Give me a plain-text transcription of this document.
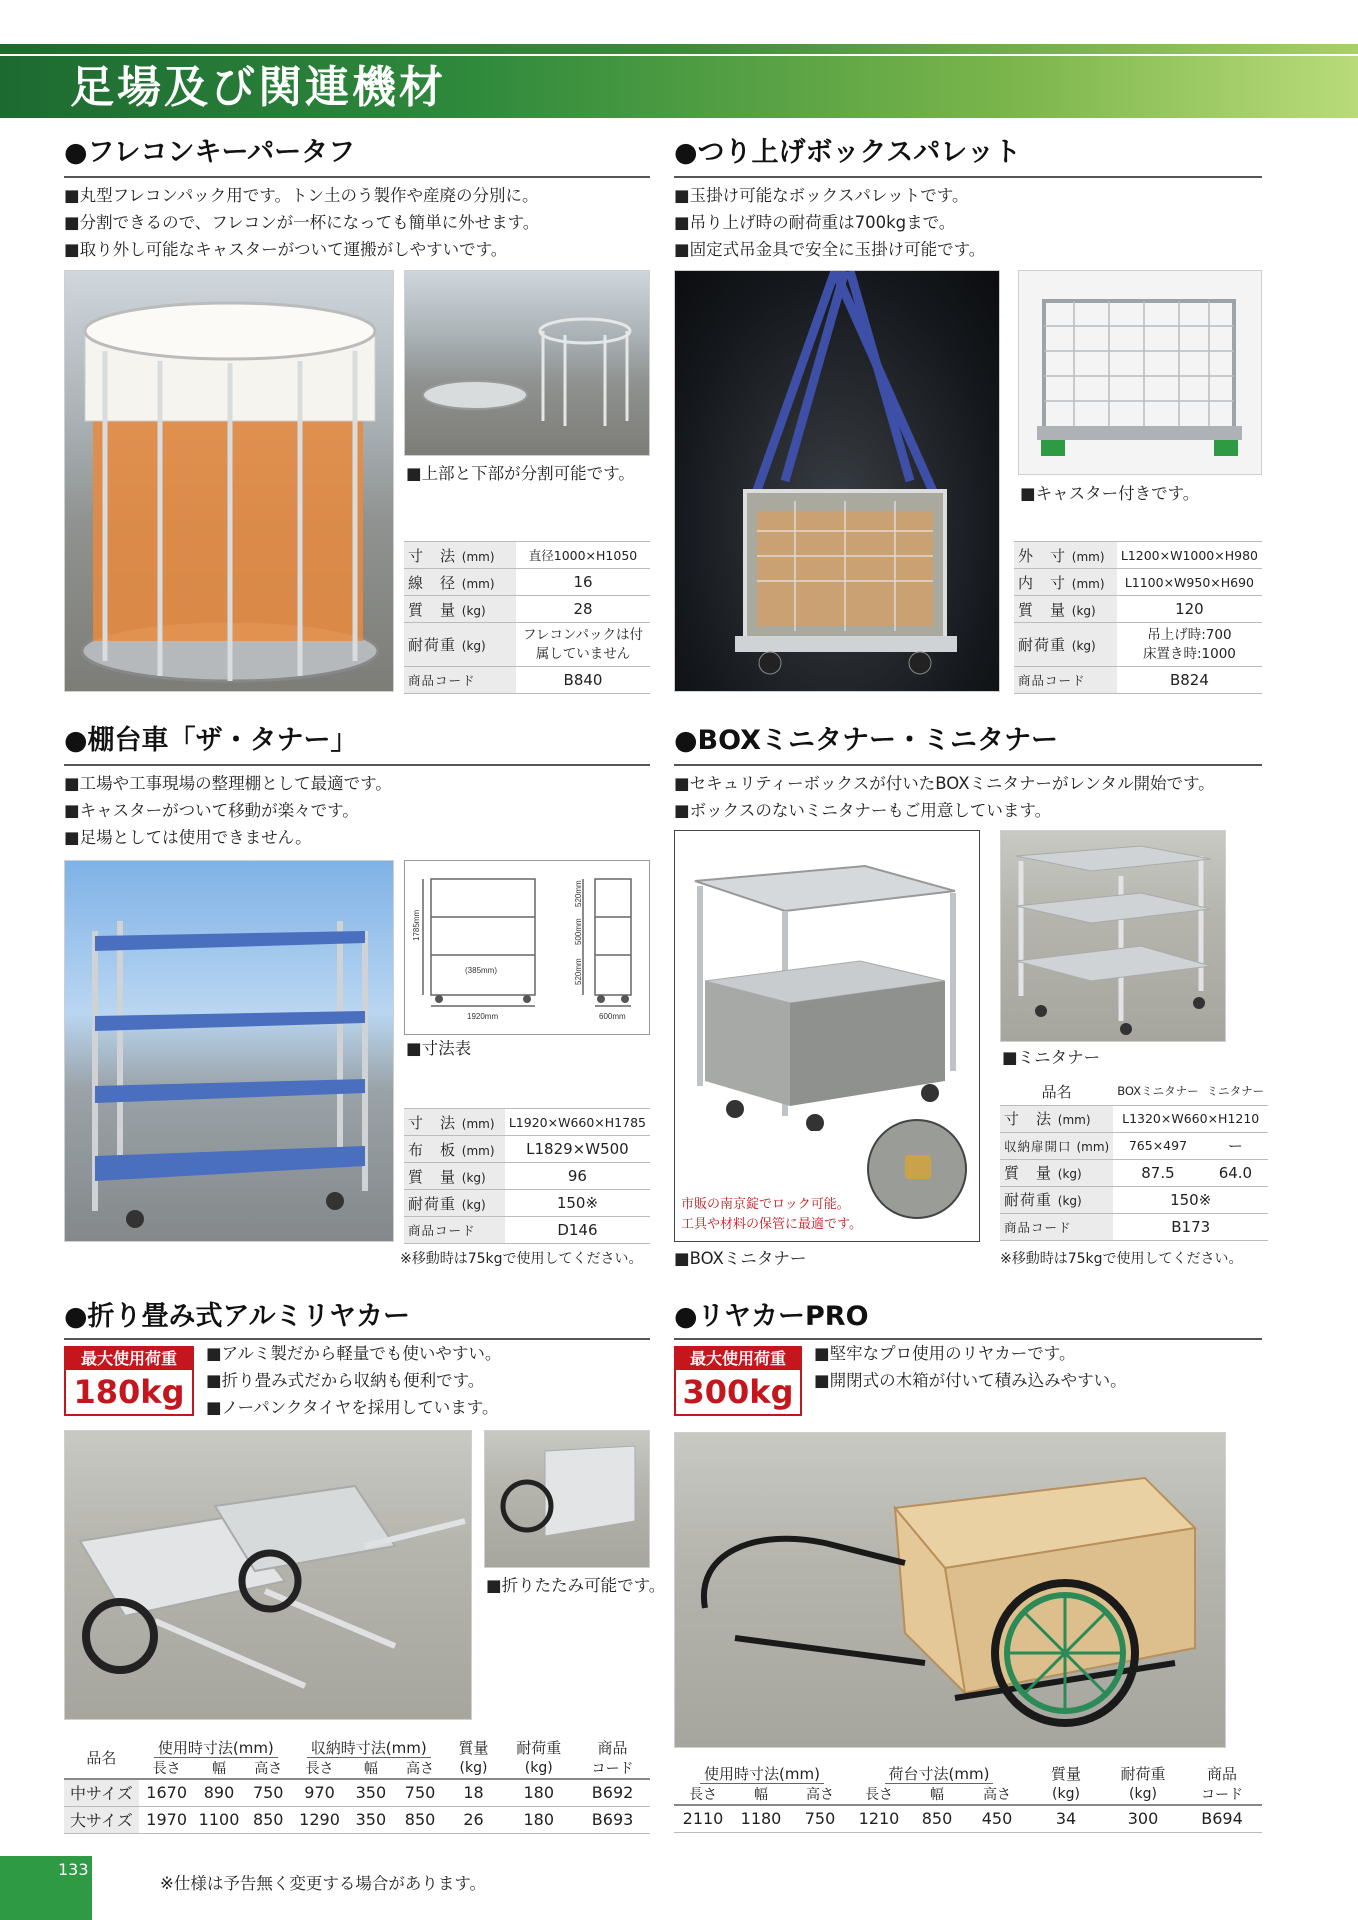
足場及び関連機材
●フレコンキーパータフ
■ 丸型フレコンパック用です。トン土のう製作や産廃の分別に。
■ 分割できるので、フレコンが一杯になっても簡単に外せます。
■ 取り外し可能なキャスターがついて運搬がしやすいです。
■ 上部と下部が分割可能です。
寸　法 (mm)	直径1000×H1050
線　径 (mm)	16
質　量 (kg)	28
耐荷重 (kg)	フレコンパックは付属していません
商品コード	B840
●つり上げボックスパレット
■ 玉掛け可能なボックスパレットです。
■ 吊り上げ時の耐荷重は700kgまで。
■ 固定式吊金具で安全に玉掛け可能です。
■ キャスター付きです。
外　寸 (mm)	L1200×W1000×H980
内　寸 (mm)	L1100×W950×H690
質　量 (kg)	120
耐荷重 (kg)	吊上げ時:700
床置き時:1000
商品コード	B824
●棚台車「ザ・タナー」
■ 工場や工事現場の整理棚として最適です。
■ キャスターがついて移動が楽々です。
■ 足場としては使用できません。
1785mm
520mm
500mm
520mm
(385mm)
1920mm	600mm
■ 寸法表
寸　法 (mm)	L1920×W660×H1785
布　板 (mm)	L1829×W500
質　量 (kg)	96
耐荷重 (kg)	150※
商品コード	D146
※移動時は75kgで使用してください。
●BOXミニタナー・ミニタナー
■ セキュリティーボックスが付いたBOXミニタナーがレンタル開始です。
■ ボックスのないミニタナーもご用意しています。
市販の南京錠でロック可能。
工具や材料の保管に最適です。
■ BOXミニタナー
■ ミニタナー
品名	BOXミニタナー	ミニタナー
寸　法 (mm)	L1320×W660×H1210	
収納扉開口 (mm)	765×497	ー
質　量 (kg)	87.5	64.0
耐荷重 (kg)	150※	
商品コード	B173	
※移動時は75kgで使用してください。
●折り畳み式アルミリヤカー
最大使用荷重
180kg
■ アルミ製だから軽量でも使いやすい。
■ 折り畳み式だから収納も便利です。
■ ノーパンクタイヤを採用しています。
■ 折りたたみ可能です。
品名	使用時寸法(mm)			収納時寸法(mm)			質量	耐荷重	商品
	長さ	幅	高さ	長さ	幅	高さ	(kg)	(kg)	コード
中サイズ	1670	890	750	970	350	750	18	180	B692
大サイズ	1970	1100	850	1290	350	850	26	180	B693
●リヤカーPRO
最大使用荷重
300kg
■ 堅牢なプロ使用のリヤカーです。
■ 開閉式の木箱が付いて積み込みやすい。
使用時寸法(mm)			荷台寸法(mm)			質量	耐荷重	商品
長さ	幅	高さ	長さ	幅	高さ	(kg)	(kg)	コード
2110	1180	750	1210	850	450	34	300	B694
133
※仕様は予告無く変更する場合があります。
